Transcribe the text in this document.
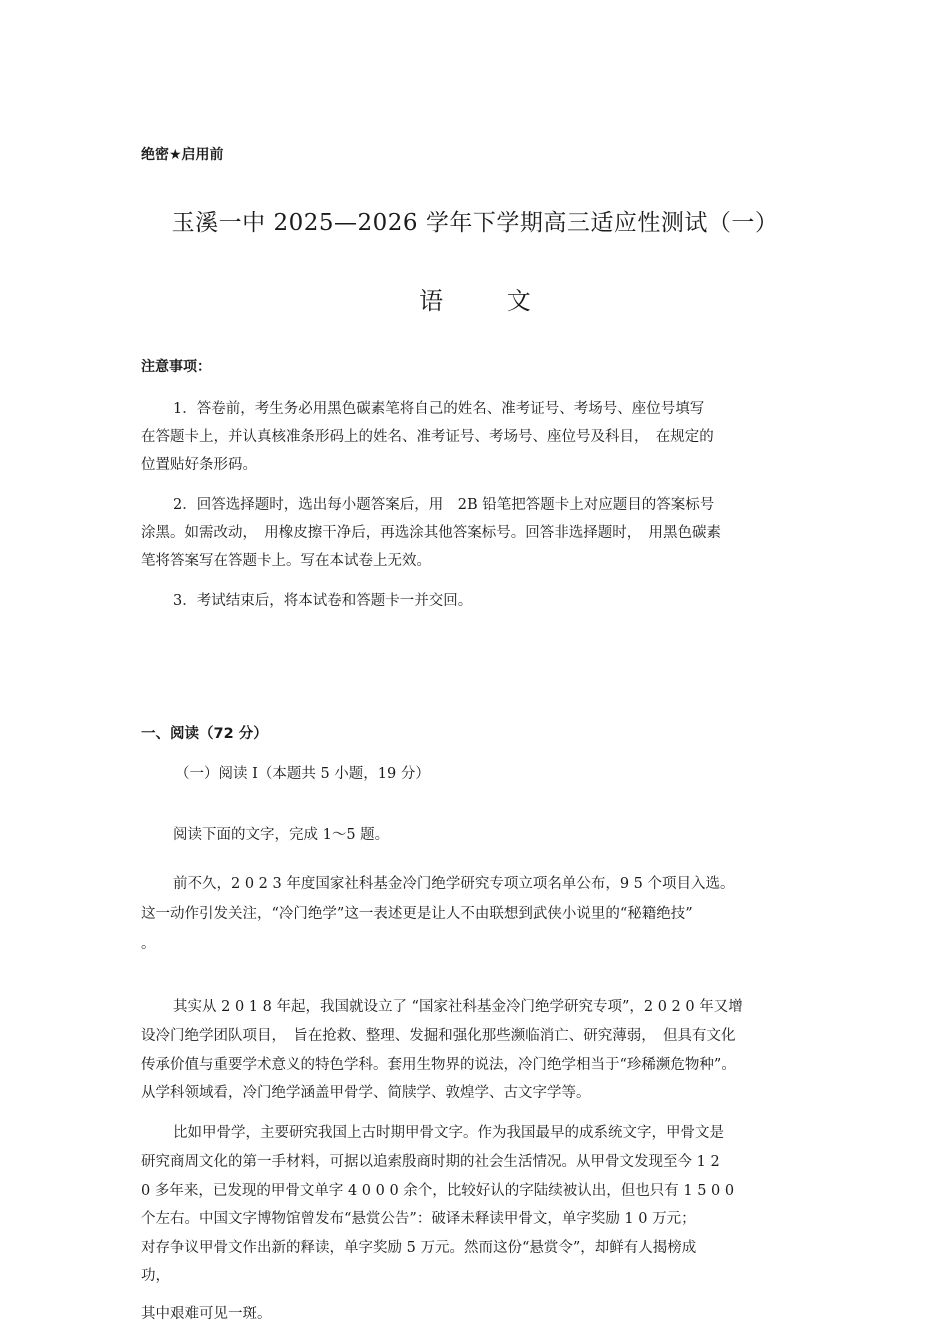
绝密★启用前
玉溪一中 2025—2026 学年下学期高三适应性测试（一）
语 文
注意事项：
1．答卷前，考生务必用黑色碳素笔将自己的姓名、准考证号、考场号、座位号填写
在答题卡上，并认真核准条形码上的姓名、准考证号、考场号、座位号及科目，　在规定的
位置贴好条形码。
2．回答选择题时，选出每小题答案后，用　2B 铅笔把答题卡上对应题目的答案标号
涂黑。如需改动，　用橡皮擦干净后，再选涂其他答案标号。回答非选择题时，　用黑色碳素
笔将答案写在答题卡上。写在本试卷上无效。
3．考试结束后，将本试卷和答题卡一并交回。
一、阅读（72 分）
（一）阅读 I（本题共 5 小题，19 分）
阅读下面的文字，完成 1～5 题。
前不久，2 0 2 3 年度国家社科基金冷门绝学研究专项立项名单公布，9 5 个项目入选。
这一动作引发关注，“冷门绝学”这一表述更是让人不由联想到武侠小说里的“秘籍绝技”
。
其实从 2 0 1 8 年起，我国就设立了 “国家社科基金冷门绝学研究专项”，2 0 2 0 年又增
设冷门绝学团队项目，　旨在抢救、整理、发掘和强化那些濒临消亡、研究薄弱，　但具有文化
传承价值与重要学术意义的特色学科。套用生物界的说法，冷门绝学相当于“珍稀濒危物种”。
从学科领域看，冷门绝学涵盖甲骨学、简牍学、敦煌学、古文字学等。
比如甲骨学，主要研究我国上古时期甲骨文字。作为我国最早的成系统文字，甲骨文是
研究商周文化的第一手材料，可据以追索殷商时期的社会生活情况。从甲骨文发现至今 1 2
0 多年来，已发现的甲骨文单字 4 0 0 0 余个，比较好认的字陆续被认出，但也只有 1 5 0 0
个左右。中国文字博物馆曾发布“悬赏公告”：破译未释读甲骨文，单字奖励 1 0 万元；
对存争议甲骨文作出新的释读，单字奖励 5 万元。然而这份“悬赏令”，却鲜有人揭榜成
功，
其中艰难可见一斑。
